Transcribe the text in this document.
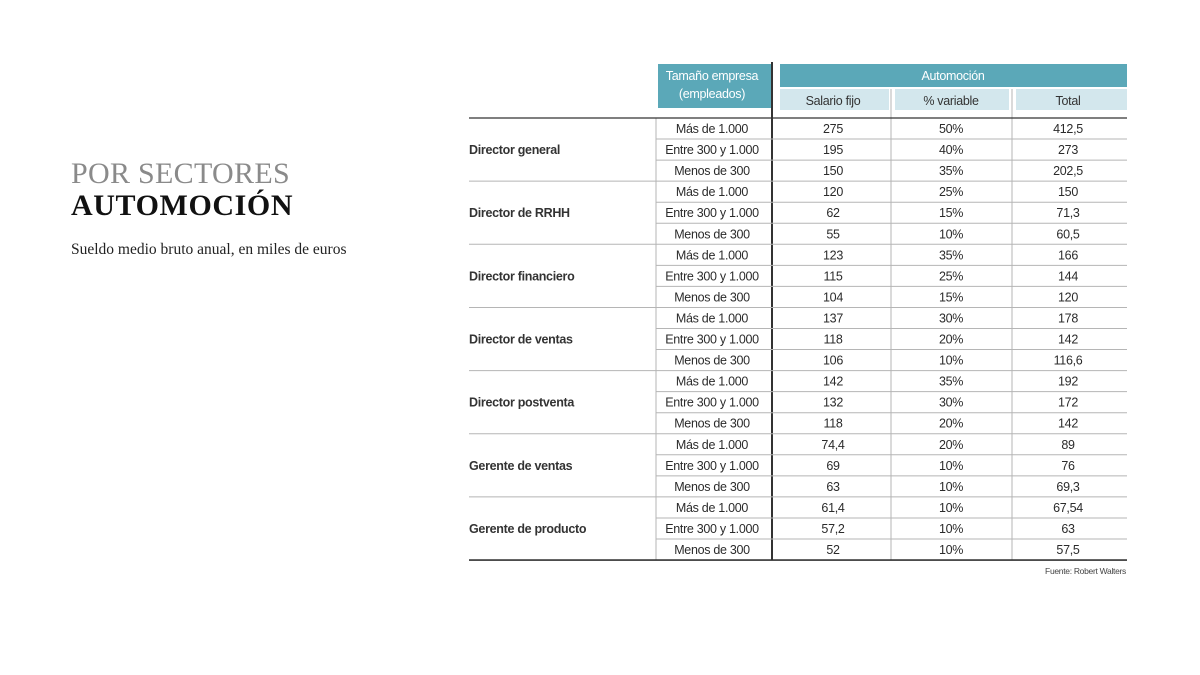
POR SECTORES
AUTOMOCIÓN
Sueldo medio bruto anual, en miles de euros
Tamaño empresa
(empleados)
Automoción
Salario fijo	% variable	Total
Director general
Más de 1.000	275	50%	412,5
Entre 300 y 1.000	195	40%	273
Menos de 300	150	35%	202,5
Director de RRHH
Más de 1.000	120	25%	150
Entre 300 y 1.000	62	15%	71,3
Menos de 300	55	10%	60,5
Director financiero
Más de 1.000	123	35%	166
Entre 300 y 1.000	115	25%	144
Menos de 300	104	15%	120
Director de ventas
Más de 1.000	137	30%	178
Entre 300 y 1.000	118	20%	142
Menos de 300	106	10%	116,6
Director postventa
Más de 1.000	142	35%	192
Entre 300 y 1.000	132	30%	172
Menos de 300	118	20%	142
Gerente de ventas
Más de 1.000	74,4	20%	89
Entre 300 y 1.000	69	10%	76
Menos de 300	63	10%	69,3
Gerente de producto
Más de 1.000	61,4	10%	67,54
Entre 300 y 1.000	57,2	10%	63
Menos de 300	52	10%	57,5
Fuente: Robert Walters
